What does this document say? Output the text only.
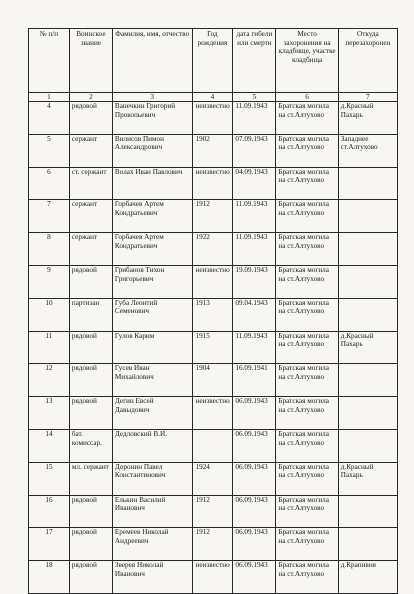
№ п/п	Воинское звание	Фамилия, имя, отчество	Год рождения	дата гибели или смерти	Место захоронения на кладбище, участке кладбища	Откуда перезахоронен
1	2	3	4	5	6	7
4	рядовой	Ванечкин Григорий Прокопьевич	неизвестно	11.09.1943	Братская могила на ст.Алтухово	д.Красный Пахарь
5	сержант	Вилисов Пимон Александрович	1902	07.09.1943	Братская могила на ст.Алтухово	Западнее ст.Алтухово
6	ст. сержант	Волах Иван Павлович	неизвестно	04.09.1943	Братская могила на ст.Алтухово	
7	сержант	Горбачев Артем Кондратьевич	1912	11.09.1943	Братская могила на ст.Алтухово	
8	сержант	Горбачев Артем Кондратьевич	1922	11.09.1943	Братская могила на ст.Алтухово	
9	рядовой	Грибанов Тихон Григорьевич	неизвестно	19.09.1943	Братская могила на ст.Алтухово	
10	партизан	Губа Леонтий Семенович	1913	09.04.1943	Братская могила на ст.Алтухово	
11	рядовой	Гулов Карим	1915	11.09.1943	Братская могила на ст.Алтухово	д.Красный Пахарь
12	рядовой	Гусев Иван Михайлович	1904	16.09.1941	Братская могила на ст.Алтухово	
13	рядовой	Дегин Евсей Давыдович	неизвестно	06.09.1943	Братская могила на ст.Алтухово	
14	бат. комиссар.	Дедловский В.И.		06.09.1943	Братская могила на ст.Алтухово	
15	мл. сержант	Доронин Павел Константинович	1924	06.09.1943	Братская могила на ст.Алтухово	д.Красный Пахарь
16	рядовой	Елькин Василий Иванович	1912	06.09.1943	Братская могила на ст.Алтухово	
17	рядовой	Еремеев Николай Андреевич	1912	06.09.1943	Братская могила на ст.Алтухово	
18	рядовой	Зверев Николай Иванович	неизвестно	06.09.1943	Братская могила на ст.Алтухово	д.Крапивня
